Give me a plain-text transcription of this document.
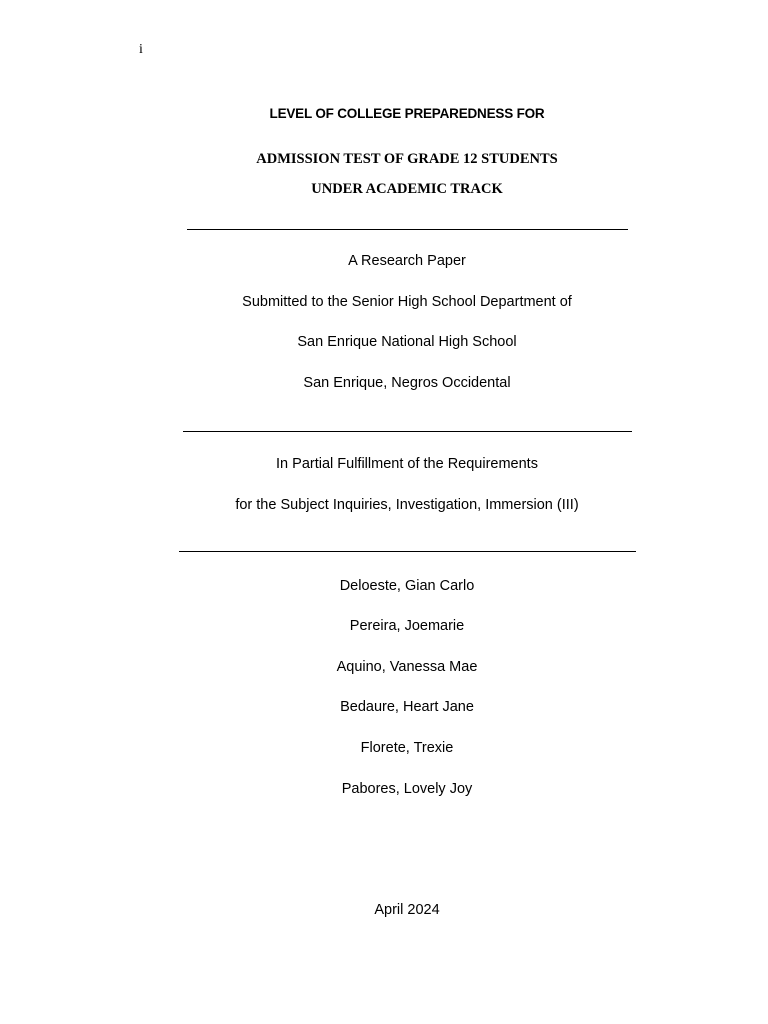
i
LEVEL OF COLLEGE PREPAREDNESS FOR
ADMISSION TEST OF GRADE 12 STUDENTS
UNDER ACADEMIC TRACK
A Research Paper
Submitted to the Senior High School Department of
San Enrique National High School
San Enrique, Negros Occidental
In Partial Fulfillment of the Requirements
for the Subject Inquiries, Investigation, Immersion (III)
Deloeste, Gian Carlo
Pereira, Joemarie
Aquino, Vanessa Mae
Bedaure, Heart Jane
Florete, Trexie
Pabores, Lovely Joy
April 2024
